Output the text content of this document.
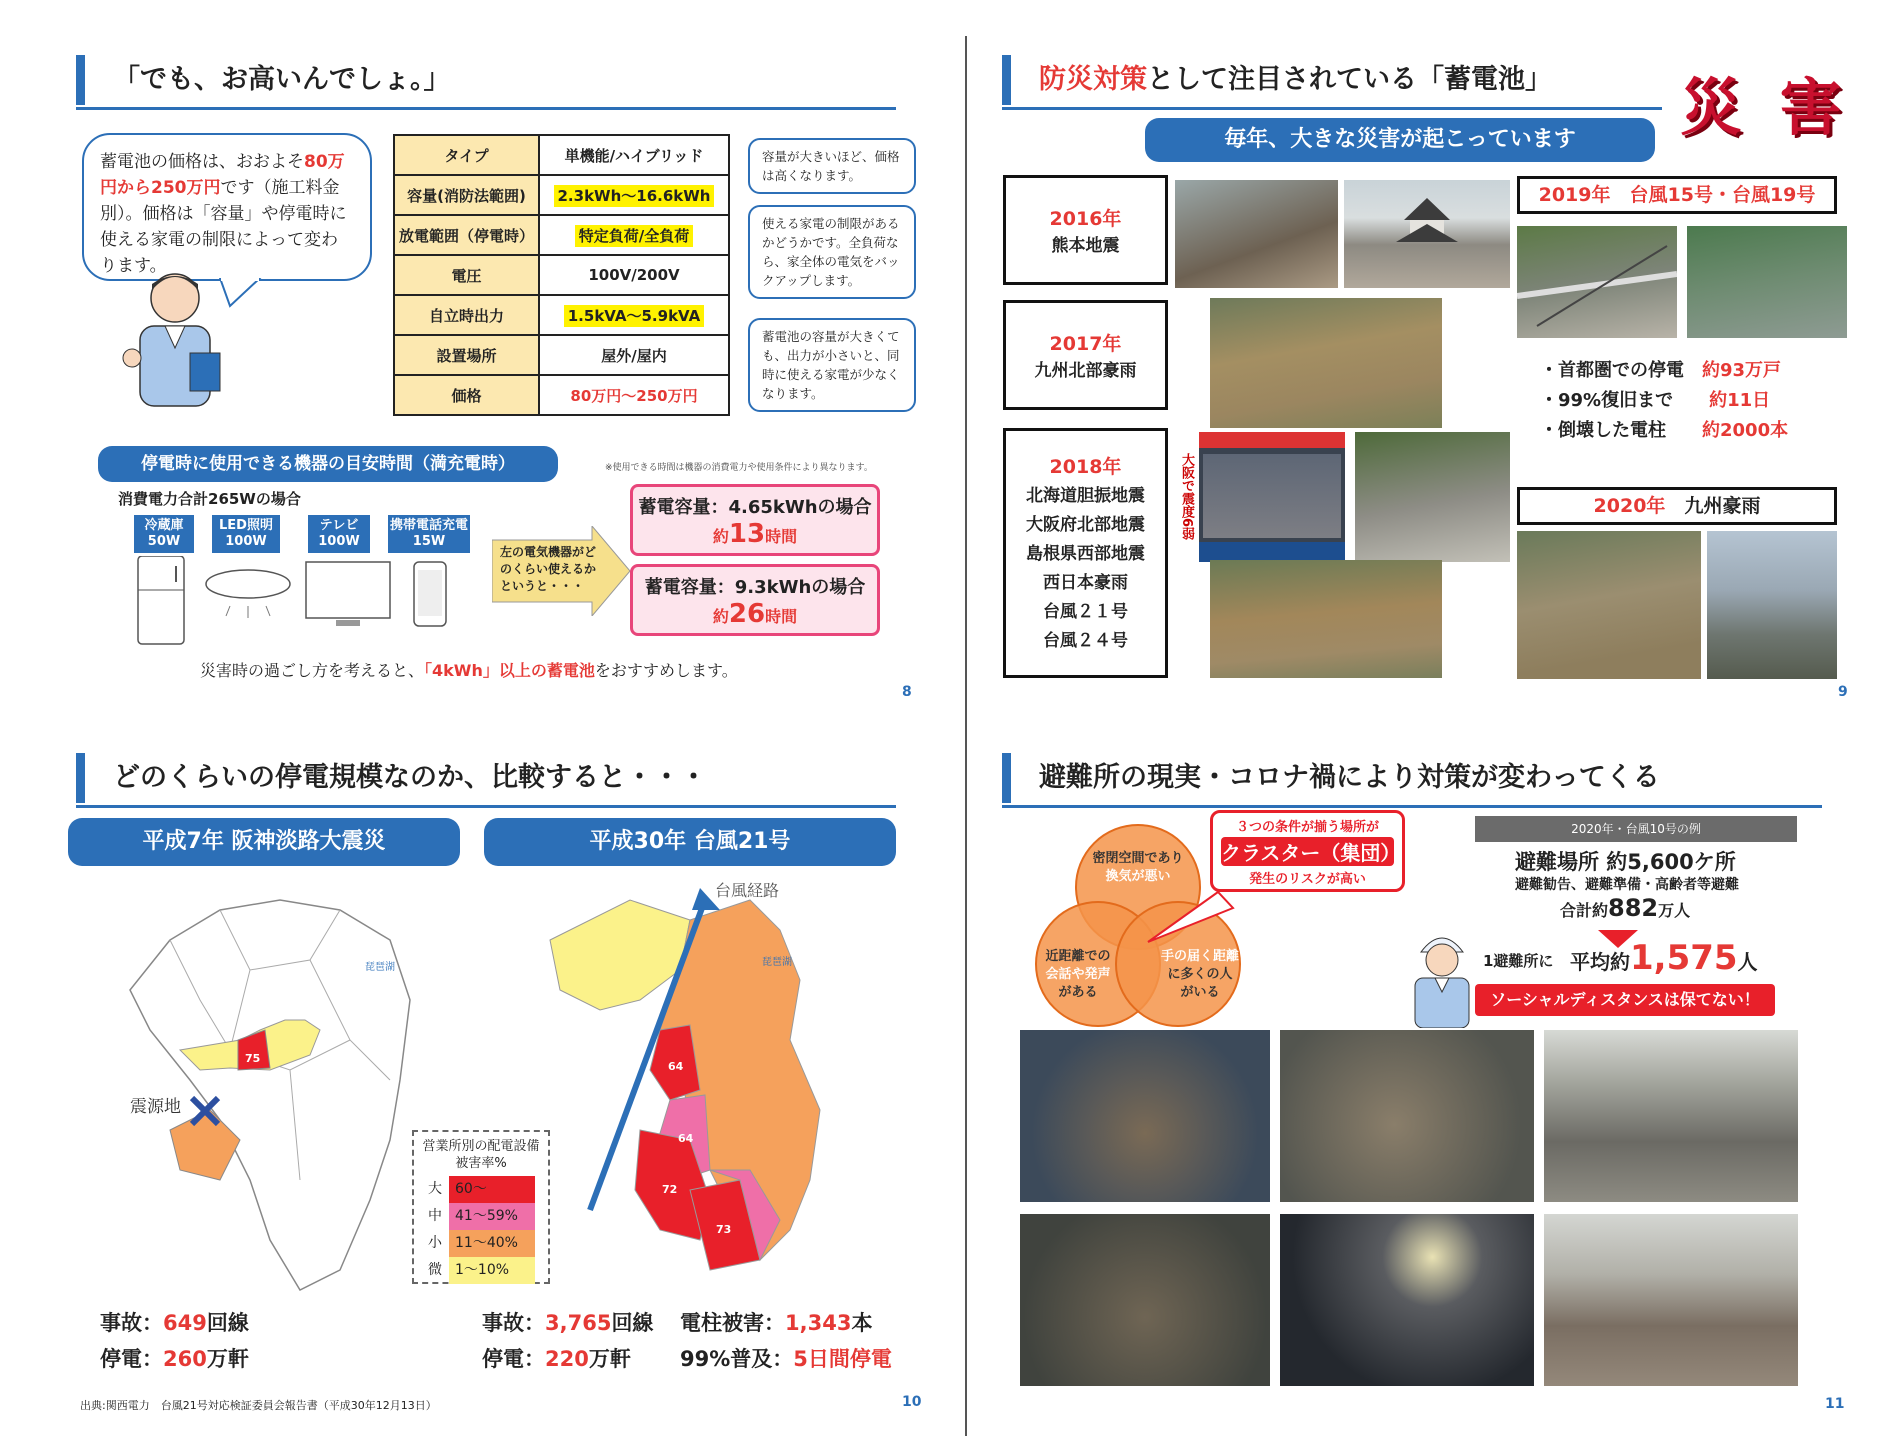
「でも、お高いんでしょ。」
蓄電池の価格は、おおよそ80万円から250万円です（施工料金別）。価格は「容量」や停電時に使える家電の制限によって変わります。
タイプ	単機能/ハイブリッド
容量(消防法範囲)	2.3kWh～16.6kWh
放電範囲（停電時）	特定負荷/全負荷
電圧	100V/200V
自立時出力	1.5kVA～5.9kVA
設置場所	屋外/屋内
価格	80万円～250万円
容量が大きいほど、価格は高くなります。
使える家電の制限があるかどうかです。全負荷なら、家全体の電気をバックアップします。
蓄電池の容量が大きくても、出力が小さいと、同時に使える家電が少なくなります。
停電時に使用できる機器の目安時間（満充電時）	※使用できる時間は機器の消費電力や使用条件により異なります。
消費電力合計265Wの場合
冷蔵庫
50W
LED照明
100W
テレビ
100W
携帯電話充電
15W
左の電気機器がどのくらい使えるかというと・・・
蓄電容量：4.65kWhの場合
約13時間
蓄電容量：9.3kWhの場合
約26時間
災害時の過ごし方を考えると、「4kWh」以上の蓄電池をおすすめします。
8
防災対策として注目されている「蓄電池」 災 害
毎年、大きな災害が起こっています
2016年
熊本地震
2017年
九州北部豪雨
2018年
北海道胆振地震
大阪府北部地震
島根県西部地震
西日本豪雨
台風２１号
台風２４号
大阪で震度6弱
2019年　 台風15号・台風19号
・首都圏での停電　 約93万戸
・99%復旧まで　　 約11日
・倒壊した電柱　　 約2000本
2020年　 九州豪雨
9
どのくらいの停電規模なのか、比較すると・・・
平成7年 阪神淡路大震災	平成30年 台風21号
75
琵琶湖
震源地
台風経路
琵琶湖
64
64
72
73
営業所別の配電設備被害率%
大 60～
中 41～59%
小 11～40%
微 1～10%
事故：649回線
停電：260万軒
事故：3,765回線
停電：220万軒
電柱被害：1,343本
99%普及：5日間停電
出典:関西電力　台風21号対応検証委員会報告書（平成30年12月13日）	10
避難所の現実・コロナ禍により対策が変わってくる
密閉空間であり
換気が悪い
近距離での
会話や発声
がある
手の届く距離
に多くの人
がいる
３つの条件が揃う場所が
クラスター（集団）
発生のリスクが高い
2020年・台風10号の例
避難場所 約5,600ケ所
避難勧告、避難準備・高齢者等避難
合計約882万人
1避難所に 平均約1,575人
ソーシャルディスタンスは保てない！
11
